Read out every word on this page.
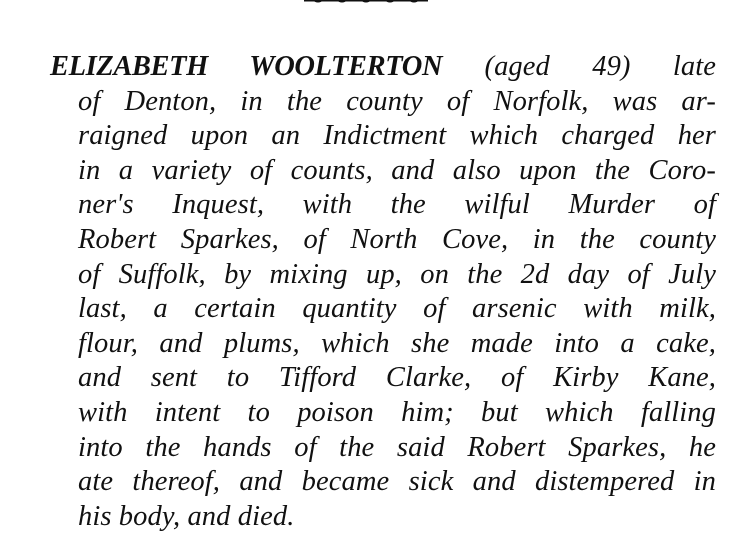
ELIZABETH WOOLTERTON (aged 49) late
of Denton, in the county of Norfolk, was ar-
raigned upon an Indictment which charged her
in a variety of counts, and also upon the Coro-
ner's Inquest, with the wilful Murder of
Robert Sparkes, of North Cove, in the county
of Suffolk, by mixing up, on the 2d day of July
last, a certain quantity of arsenic with milk,
flour, and plums, which she made into a cake,
and sent to Tifford Clarke, of Kirby Kane,
with intent to poison him; but which falling
into the hands of the said Robert Sparkes, he
ate thereof, and became sick and distempered in
his body, and died.
